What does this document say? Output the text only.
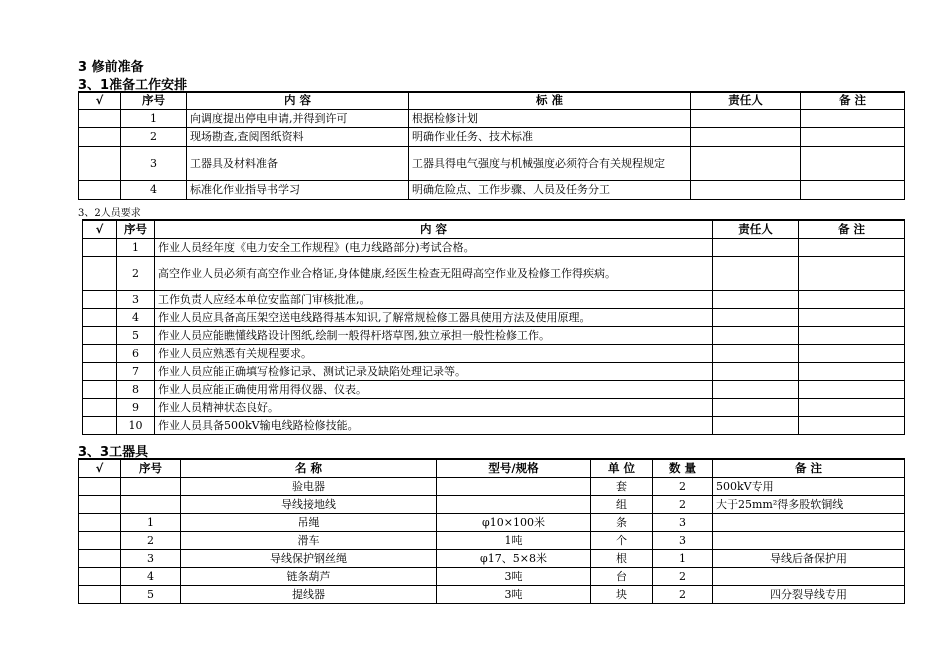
3 修前准备
3、1准备工作安排
√	序号	内 容	标 准	责任人	备 注
	1	向调度提出停电申请,并得到许可	根据检修计划		
	2	现场勘查,查阅图纸资料	明确作业任务、技术标准		
	3	工器具及材料准备	工器具得电气强度与机械强度必须符合有关规程规定		
	4	标准化作业指导书学习	明确危险点、工作步骤、人员及任务分工		
3、2人员要求
√	序号	内 容	责任人	备 注
	1	作业人员经年度《电力安全工作规程》(电力线路部分)考试合格。		
	2	高空作业人员必须有高空作业合格证,身体健康,经医生检查无阻碍高空作业及检修工作得疾病。		
	3	工作负责人应经本单位安监部门审核批准,。		
	4	作业人员应具备高压架空送电线路得基本知识,了解常规检修工器具使用方法及使用原理。		
	5	作业人员应能瞧懂线路设计图纸,绘制一般得杆塔草图,独立承担一般性检修工作。		
	6	作业人员应熟悉有关规程要求。		
	7	作业人员应能正确填写检修记录、测试记录及缺陷处理记录等。		
	8	作业人员应能正确使用常用得仪器、仪表。		
	9	作业人员精神状态良好。		
	10	作业人员具备500kV输电线路检修技能。		
3、3工器具
√	序号	名 称	型号/规格	单 位	数 量	备 注
		验电器		套	2	500kV专用
		导线接地线		组	2	大于25mm²得多股软铜线
	1	吊绳	φ10×100米	条	3	
	2	滑车	1吨	个	3	
	3	导线保护钢丝绳	φ17、5×8米	根	1	导线后备保护用
	4	链条葫芦	3吨	台	2	
	5	提线器	3吨	块	2	四分裂导线专用
